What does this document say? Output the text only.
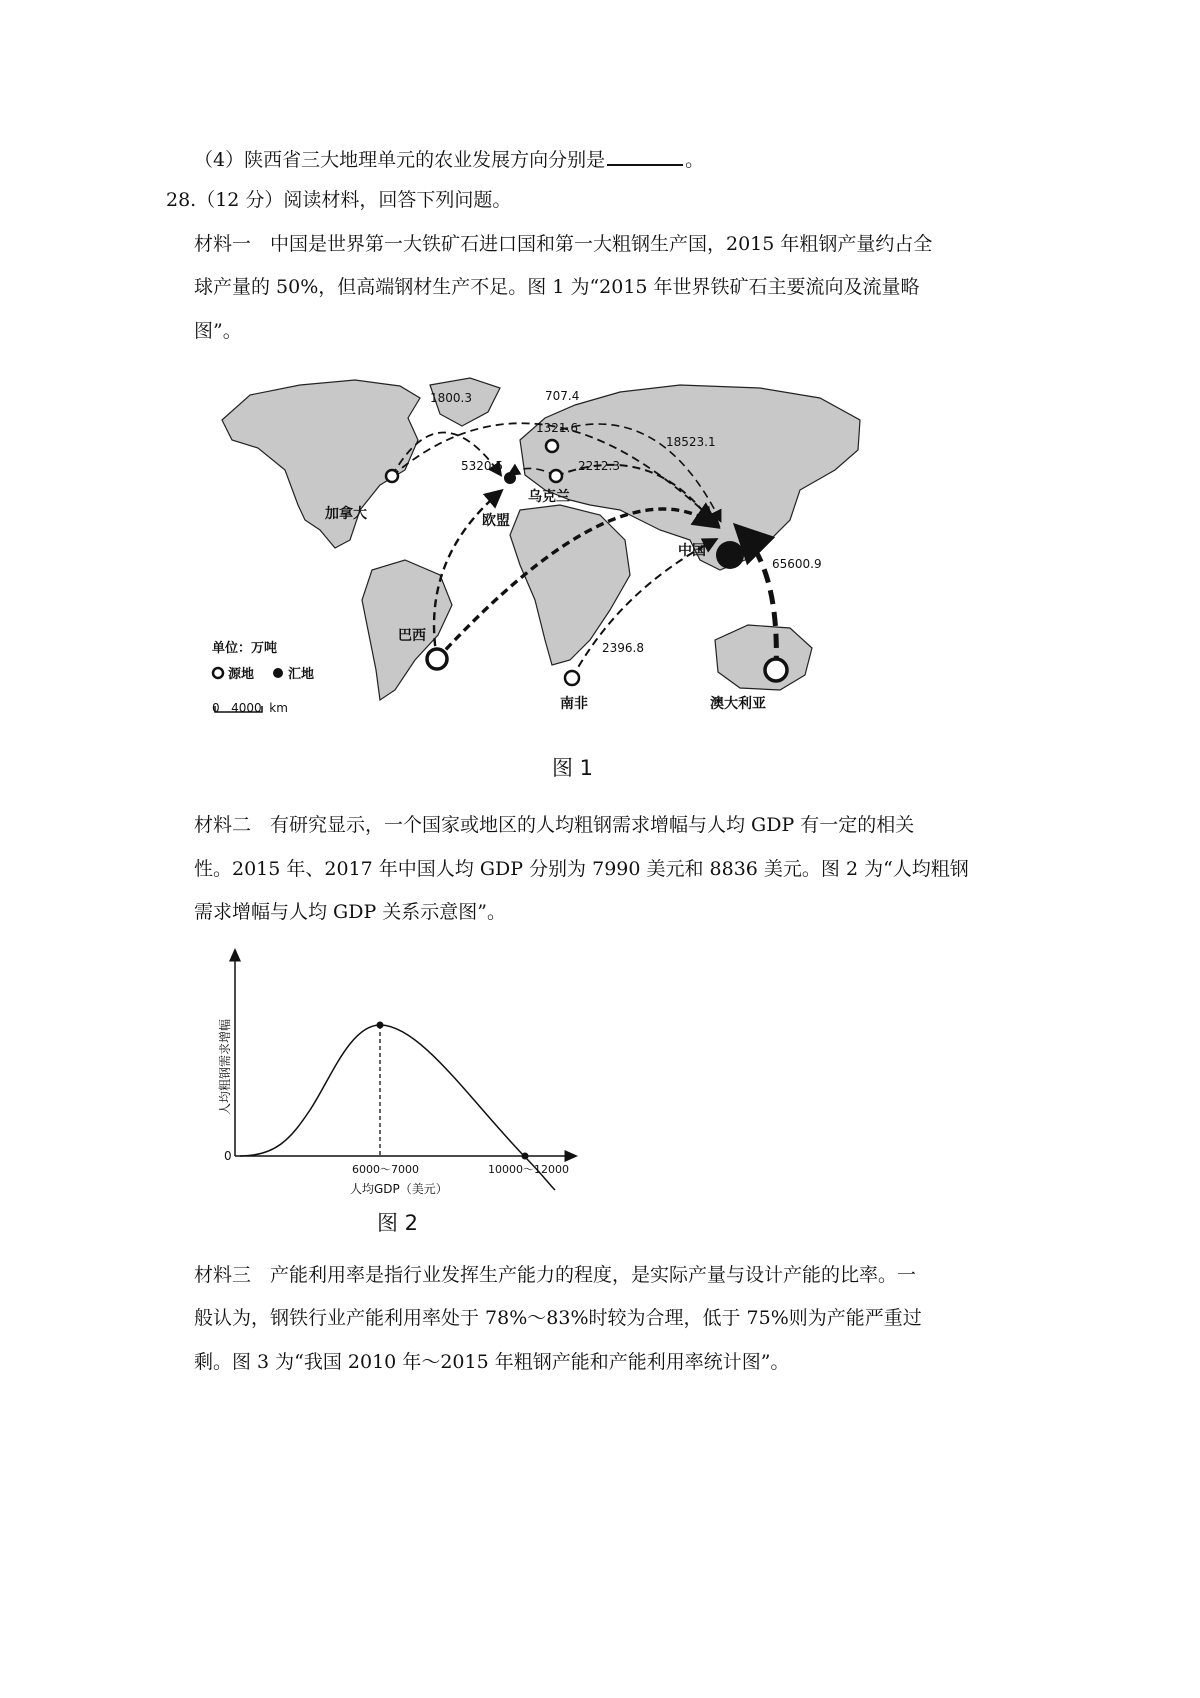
（4）陕西省三大地理单元的农业发展方向分别是	。
28.（12 分）阅读材料，回答下列问题。
材料一　中国是世界第一大铁矿石进口国和第一大粗钢生产国，2015 年粗钢产量约占全
球产量的 50%，但高端钢材生产不足。图 1 为“2015 年世界铁矿石主要流向及流量略
图”。
加拿大	欧盟
乌克兰
中国
巴西
南非	澳大利亚
1800.3	707.4
1321.6
18523.1
5320.5	2212.3
65600.9
2396.8
单位：万吨
源地	汇地
0   4000  km
图 1
材料二　有研究显示，一个国家或地区的人均粗钢需求增幅与人均 GDP 有一定的相关
性。2015 年、2017 年中国人均 GDP 分别为 7990 美元和 8836 美元。图 2 为“人均粗钢
需求增幅与人均 GDP 关系示意图”。
0
6000～7000	10000～12000
人均GDP（美元）
人均粗钢需求增幅
图 2
材料三　产能利用率是指行业发挥生产能力的程度，是实际产量与设计产能的比率。一
般认为，钢铁行业产能利用率处于 78%～83%时较为合理，低于 75%则为产能严重过
剩。图 3 为“我国 2010 年～2015 年粗钢产能和产能利用率统计图”。
